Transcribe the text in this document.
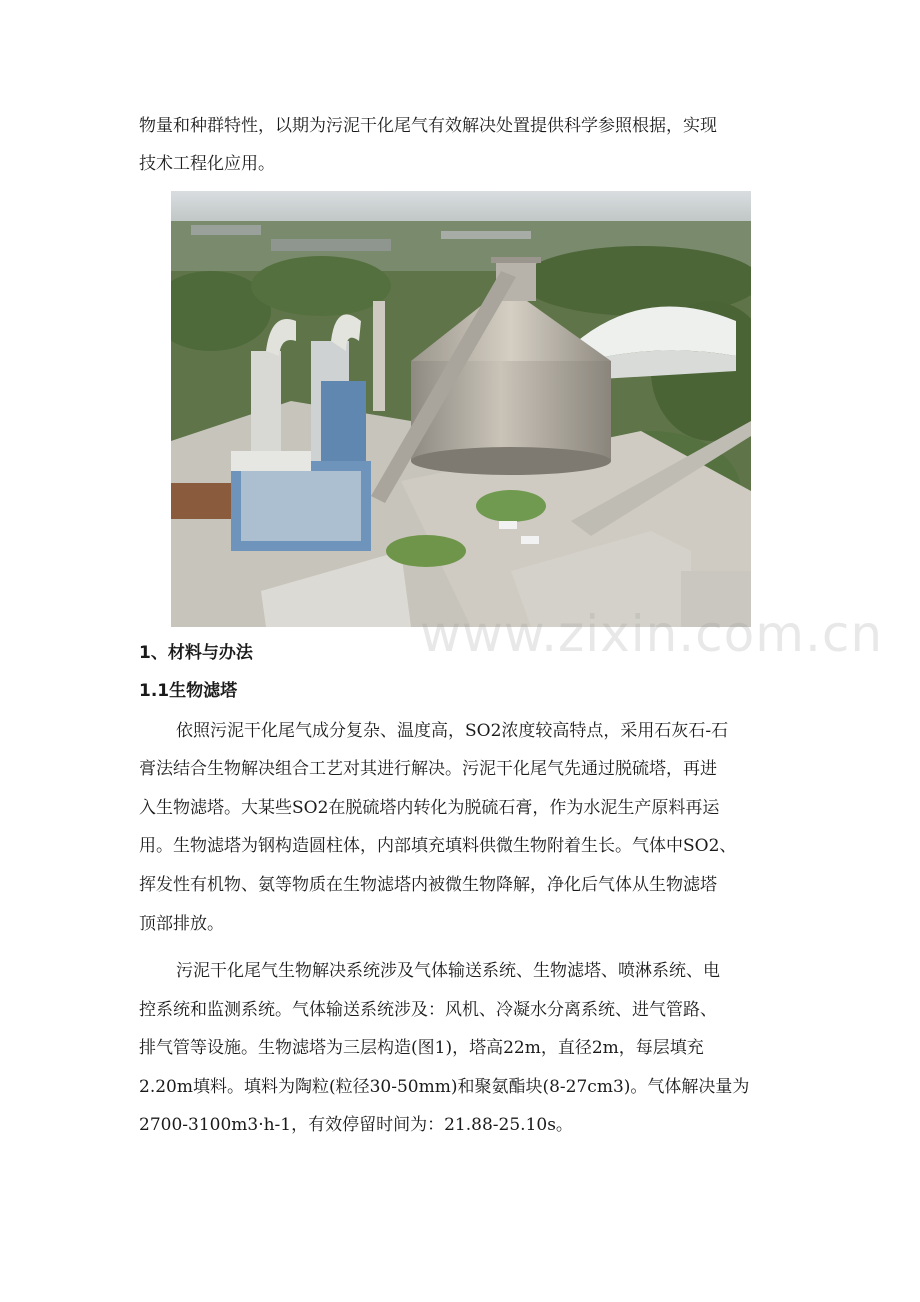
物量和种群特性，以期为污泥干化尾气有效解决处置提供科学参照根据，实现
技术工程化应用。
www.zixin.com.cn
1、材料与办法
1.1生物滤塔
依照污泥干化尾气成分复杂、温度高，SO2浓度较高特点，采用石灰石-石
膏法结合生物解决组合工艺对其进行解决。污泥干化尾气先通过脱硫塔，再进
入生物滤塔。大某些SO2在脱硫塔内转化为脱硫石膏，作为水泥生产原料再运
用。生物滤塔为钢构造圆柱体，内部填充填料供微生物附着生长。气体中SO2、
挥发性有机物、氨等物质在生物滤塔内被微生物降解，净化后气体从生物滤塔
顶部排放。
污泥干化尾气生物解决系统涉及气体输送系统、生物滤塔、喷淋系统、电
控系统和监测系统。气体输送系统涉及：风机、冷凝水分离系统、进气管路、
排气管等设施。生物滤塔为三层构造(图1)，塔高22m，直径2m，每层填充
2.20m填料。填料为陶粒(粒径30-50mm)和聚氨酯块(8-27cm3)。气体解决量为
2700-3100m3·h-1，有效停留时间为：21.88-25.10s。
